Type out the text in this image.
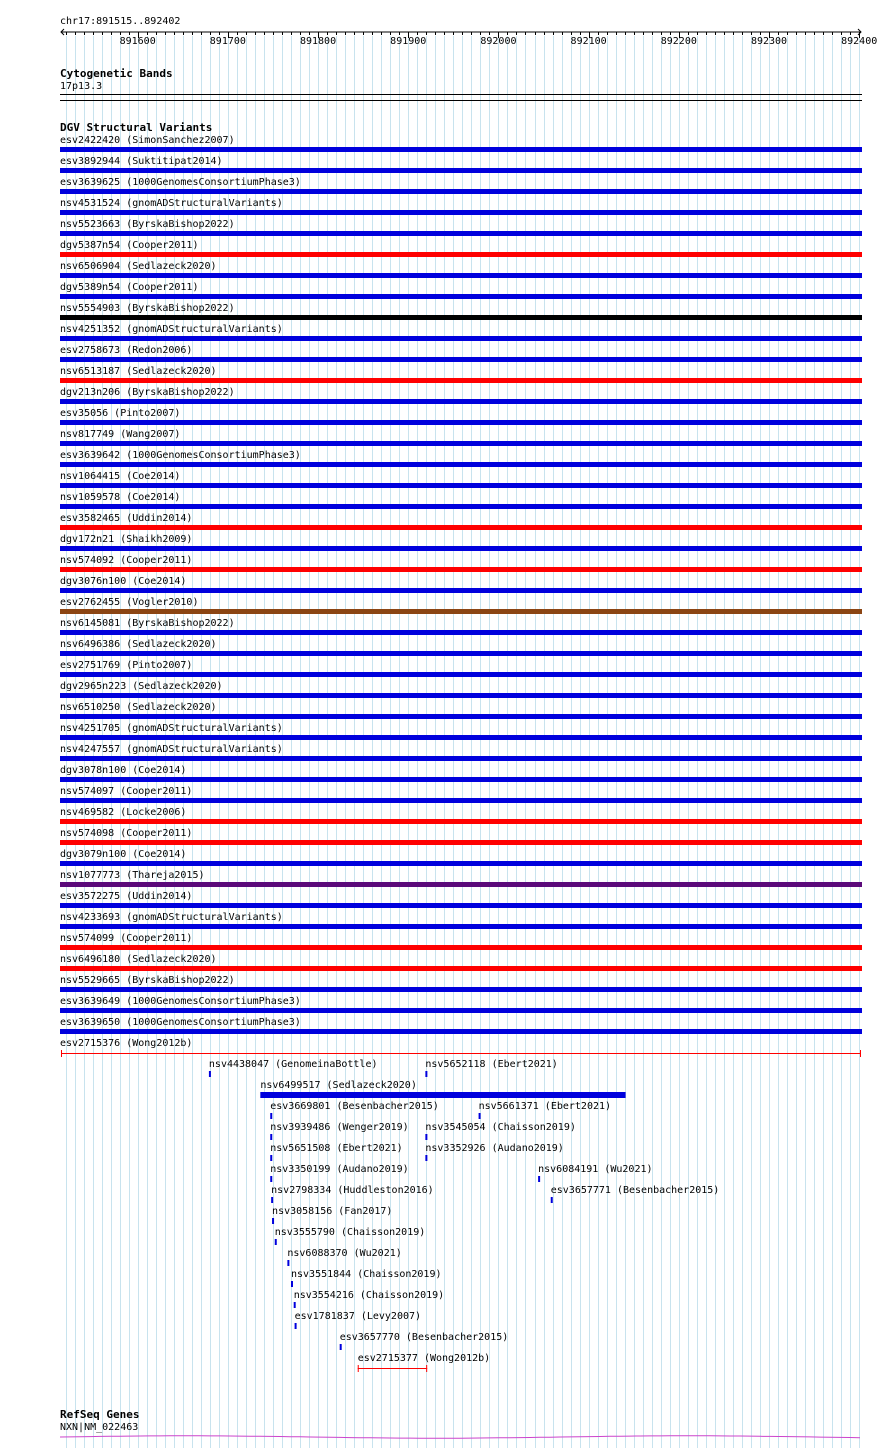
chr17:891515..892402
891600	891700	891800	891900	892000	892100	892200	892300	892400
Cytogenetic Bands
17p13.3
DGV Structural Variants
esv2422420 (SimonSanchez2007)
esv3892944 (Suktitipat2014)
esv3639625 (1000GenomesConsortiumPhase3)
nsv4531524 (gnomADStructuralVariants)
nsv5523663 (ByrskaBishop2022)
dgv5387n54 (Cooper2011)
nsv6506904 (Sedlazeck2020)
dgv5389n54 (Cooper2011)
nsv5554903 (ByrskaBishop2022)
nsv4251352 (gnomADStructuralVariants)
esv2758673 (Redon2006)
nsv6513187 (Sedlazeck2020)
dgv213n206 (ByrskaBishop2022)
esv35056 (Pinto2007)
nsv817749 (Wang2007)
esv3639642 (1000GenomesConsortiumPhase3)
nsv1064415 (Coe2014)
nsv1059578 (Coe2014)
esv3582465 (Uddin2014)
dgv172n21 (Shaikh2009)
nsv574092 (Cooper2011)
dgv3076n100 (Coe2014)
esv2762455 (Vogler2010)
nsv6145081 (ByrskaBishop2022)
nsv6496386 (Sedlazeck2020)
esv2751769 (Pinto2007)
dgv2965n223 (Sedlazeck2020)
nsv6510250 (Sedlazeck2020)
nsv4251705 (gnomADStructuralVariants)
nsv4247557 (gnomADStructuralVariants)
dgv3078n100 (Coe2014)
nsv574097 (Cooper2011)
nsv469582 (Locke2006)
nsv574098 (Cooper2011)
dgv3079n100 (Coe2014)
nsv1077773 (Thareja2015)
esv3572275 (Uddin2014)
nsv4233693 (gnomADStructuralVariants)
nsv574099 (Cooper2011)
nsv6496180 (Sedlazeck2020)
nsv5529665 (ByrskaBishop2022)
esv3639649 (1000GenomesConsortiumPhase3)
esv3639650 (1000GenomesConsortiumPhase3)
esv2715376 (Wong2012b)
nsv4438047 (GenomeinaBottle)	nsv5652118 (Ebert2021)
nsv6499517 (Sedlazeck2020)
esv3669801 (Besenbacher2015)	nsv5661371 (Ebert2021)
nsv3939486 (Wenger2019) nsv3545054 (Chaisson2019)
nsv5651508 (Ebert2021) nsv3352926 (Audano2019)
nsv3350199 (Audano2019)	nsv6084191 (Wu2021)
nsv2798334 (Huddleston2016)	esv3657771 (Besenbacher2015)
nsv3058156 (Fan2017)
nsv3555790 (Chaisson2019)
nsv6088370 (Wu2021)
nsv3551844 (Chaisson2019)
nsv3554216 (Chaisson2019)
esv1781837 (Levy2007)
esv3657770 (Besenbacher2015)
esv2715377 (Wong2012b)
RefSeq Genes
NXN|NM_022463
